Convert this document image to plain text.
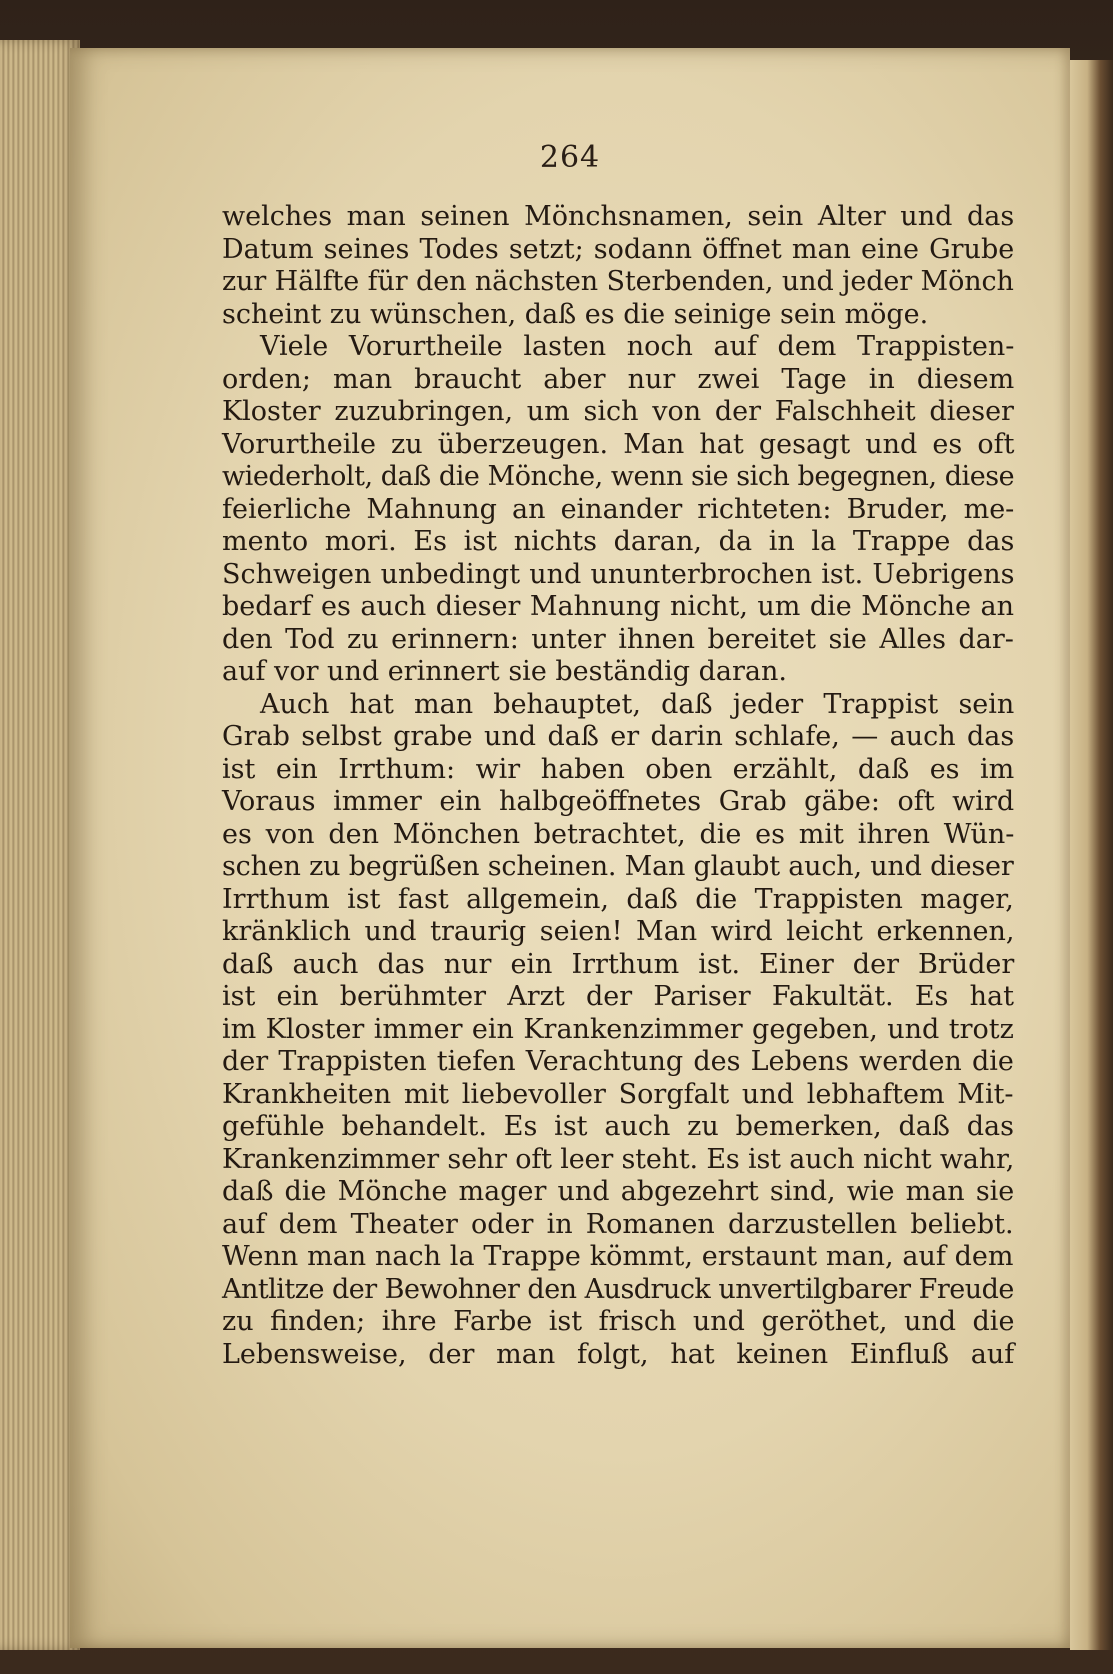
264
welches man seinen Mönchsnamen, sein Alter und das
Datum seines Todes setzt; sodann öffnet man eine Grube
zur Hälfte für den nächsten Sterbenden, und jeder Mönch
scheint zu wünschen, daß es die seinige sein möge.
Viele Vorurtheile lasten noch auf dem Trappisten-
orden; man braucht aber nur zwei Tage in diesem
Kloster zuzubringen, um sich von der Falschheit dieser
Vorurtheile zu überzeugen. Man hat gesagt und es oft
wiederholt, daß die Mönche, wenn sie sich begegnen, diese
feierliche Mahnung an einander richteten: Bruder, me-
mento mori. Es ist nichts daran, da in la Trappe das
Schweigen unbedingt und ununterbrochen ist. Uebrigens
bedarf es auch dieser Mahnung nicht, um die Mönche an
den Tod zu erinnern: unter ihnen bereitet sie Alles dar-
auf vor und erinnert sie beständig daran.
Auch hat man behauptet, daß jeder Trappist sein
Grab selbst grabe und daß er darin schlafe, — auch das
ist ein Irrthum: wir haben oben erzählt, daß es im
Voraus immer ein halbgeöffnetes Grab gäbe: oft wird
es von den Mönchen betrachtet, die es mit ihren Wün-
schen zu begrüßen scheinen. Man glaubt auch, und dieser
Irrthum ist fast allgemein, daß die Trappisten mager,
kränklich und traurig seien! Man wird leicht erkennen,
daß auch das nur ein Irrthum ist. Einer der Brüder
ist ein berühmter Arzt der Pariser Fakultät. Es hat
im Kloster immer ein Krankenzimmer gegeben, und trotz
der Trappisten tiefen Verachtung des Lebens werden die
Krankheiten mit liebevoller Sorgfalt und lebhaftem Mit-
gefühle behandelt. Es ist auch zu bemerken, daß das
Krankenzimmer sehr oft leer steht. Es ist auch nicht wahr,
daß die Mönche mager und abgezehrt sind, wie man sie
auf dem Theater oder in Romanen darzustellen beliebt.
Wenn man nach la Trappe kömmt, erstaunt man, auf dem
Antlitze der Bewohner den Ausdruck unvertilgbarer Freude
zu finden; ihre Farbe ist frisch und geröthet, und die
Lebensweise, der man folgt, hat keinen Einfluß auf
